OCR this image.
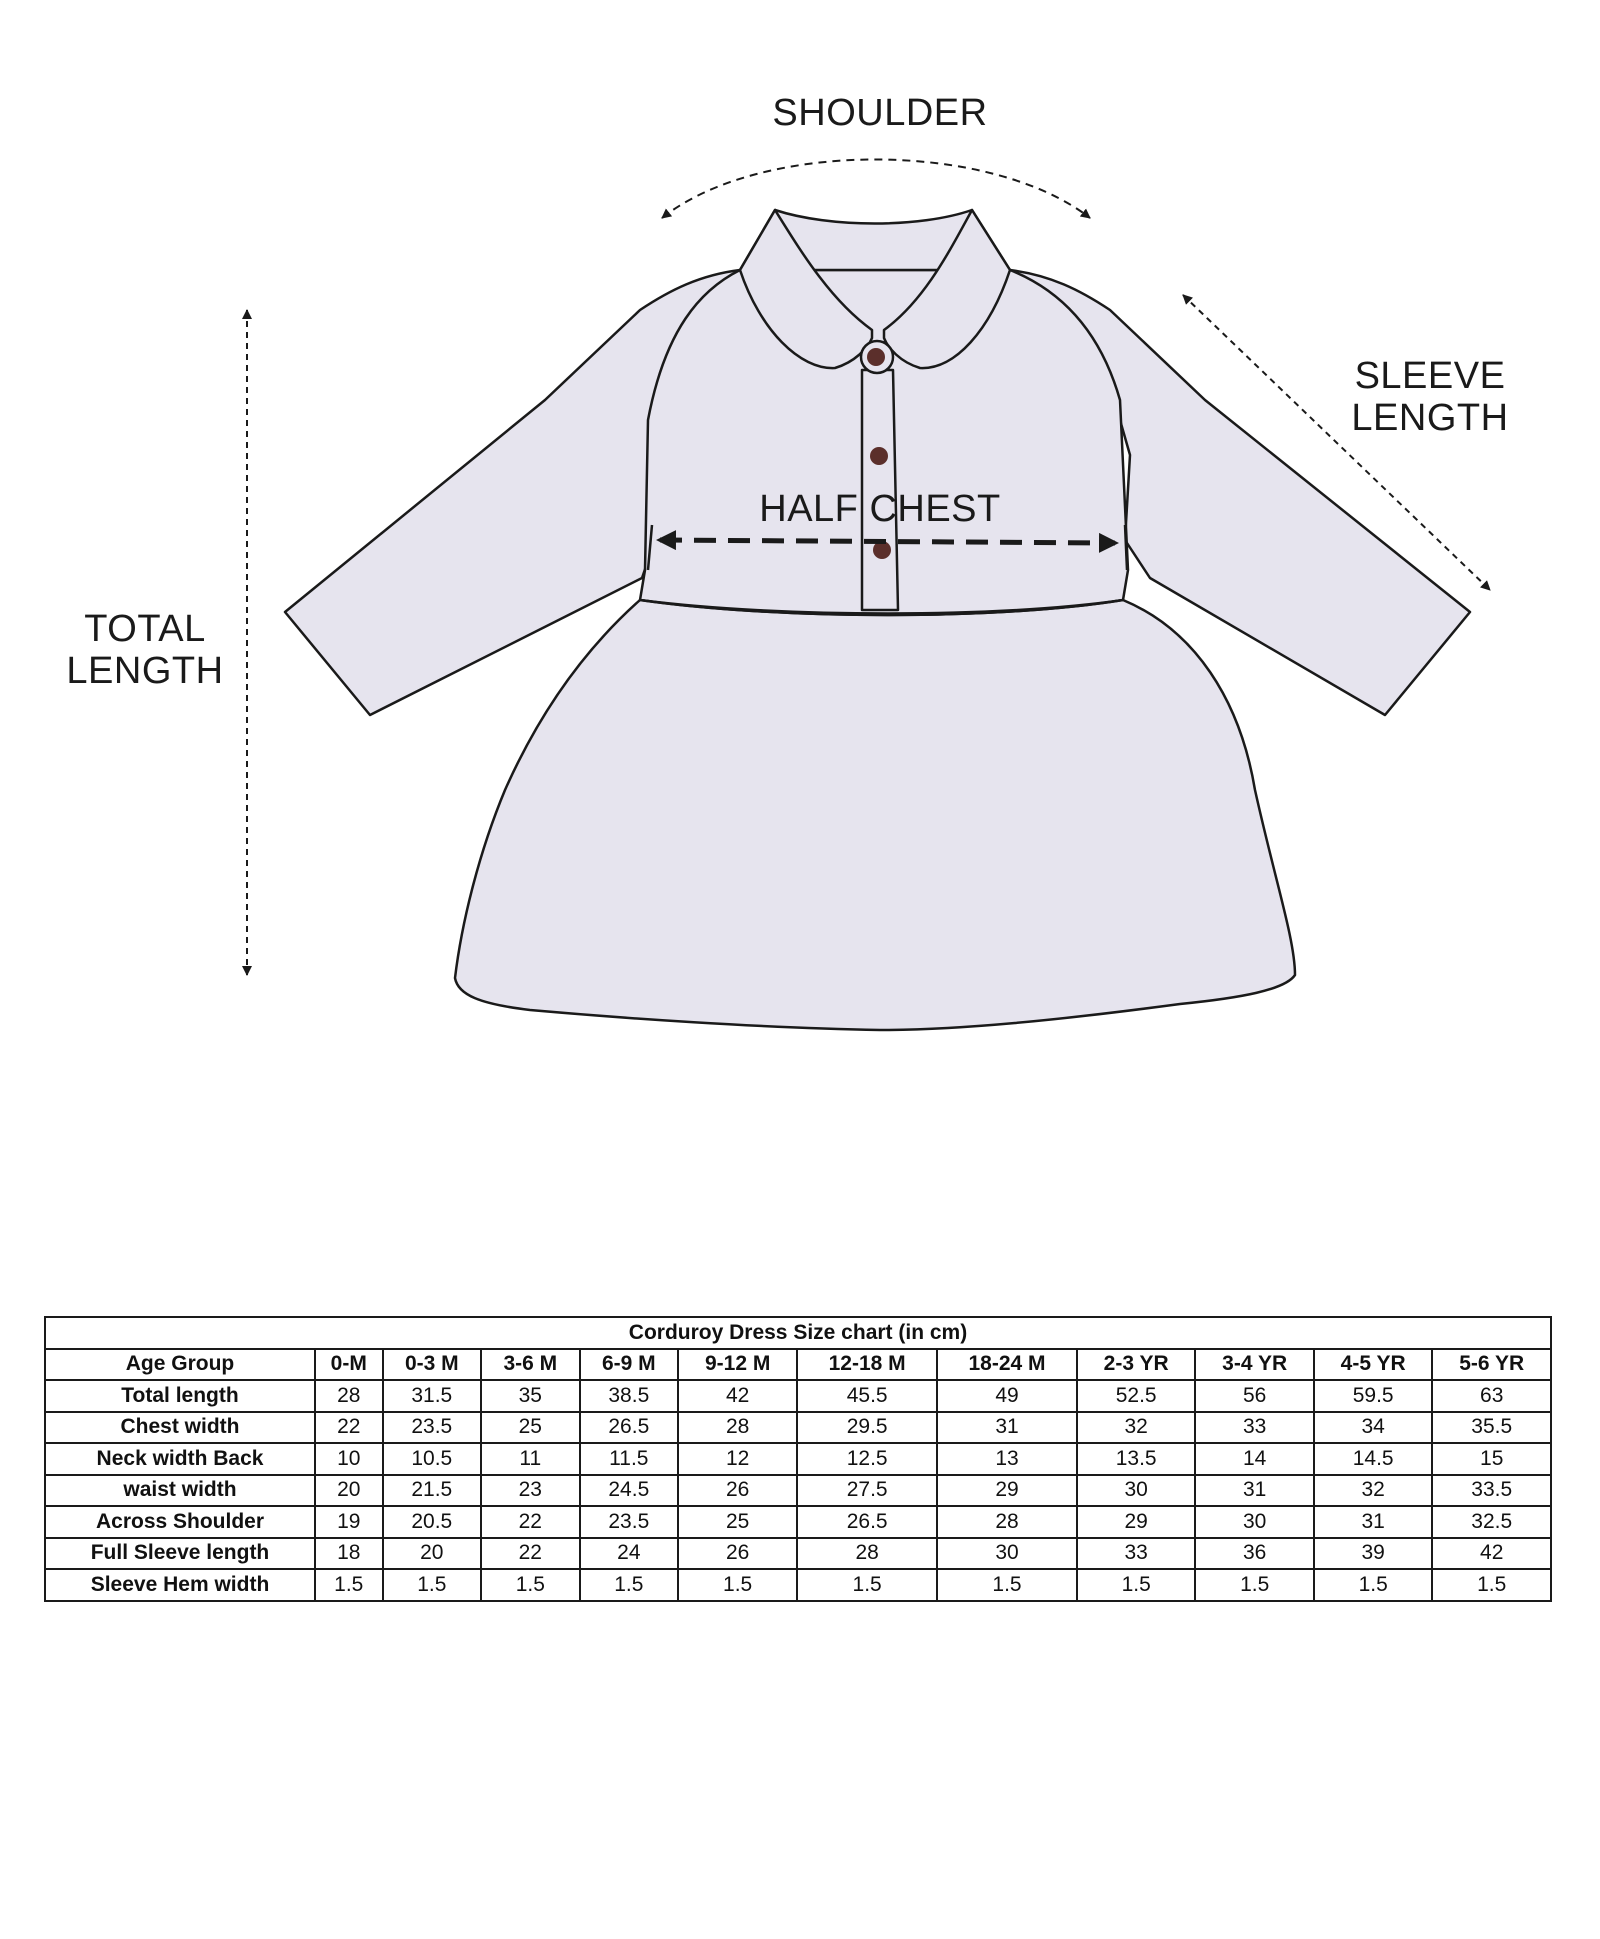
SHOULDER
SLEEVE
LENGTH
HALF CHEST
TOTAL
LENGTH
Corduroy Dress Size chart (in cm)											
Age Group	0-M	0-3 M	3-6 M	6-9 M	9-12 M	12-18 M	18-24 M	2-3 YR	3-4 YR	4-5 YR	5-6 YR
Total length	28	31.5	35	38.5	42	45.5	49	52.5	56	59.5	63
Chest width	22	23.5	25	26.5	28	29.5	31	32	33	34	35.5
Neck width Back	10	10.5	11	11.5	12	12.5	13	13.5	14	14.5	15
waist width	20	21.5	23	24.5	26	27.5	29	30	31	32	33.5
Across Shoulder	19	20.5	22	23.5	25	26.5	28	29	30	31	32.5
Full Sleeve length	18	20	22	24	26	28	30	33	36	39	42
Sleeve Hem width	1.5	1.5	1.5	1.5	1.5	1.5	1.5	1.5	1.5	1.5	1.5
